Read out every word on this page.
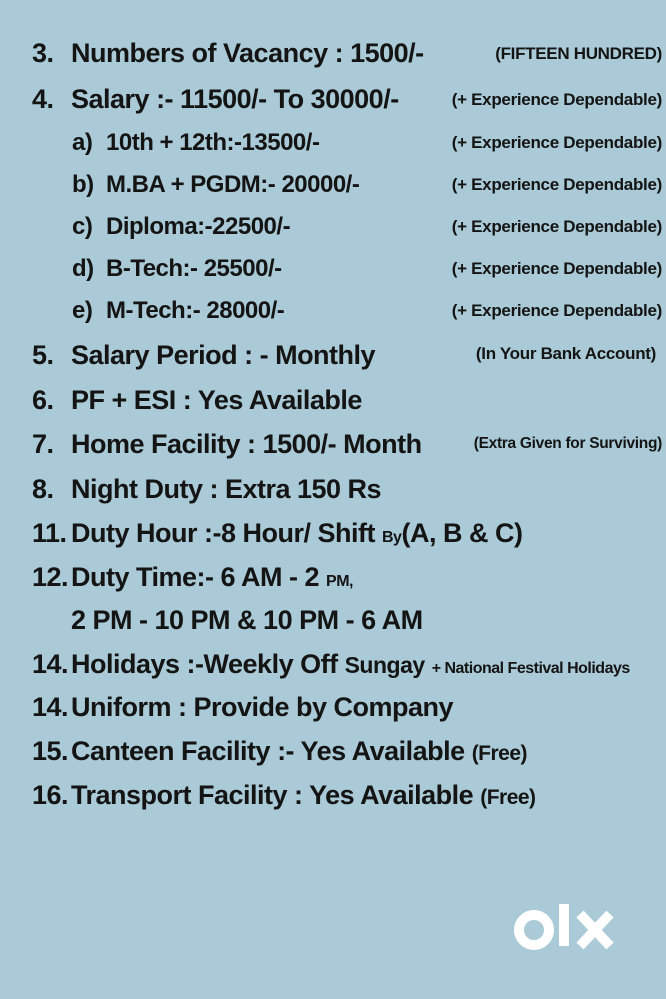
3. Numbers of Vacancy : 1500/-	(FIFTEEN HUNDRED)
4. Salary :- 11500/- To 30000/-	(+ Experience Dependable)
a) 10th + 12th:-13500/-	(+ Experience Dependable)
b) M.BA + PGDM:- 20000/-	(+ Experience Dependable)
c) Diploma:-22500/-	(+ Experience Dependable)
d) B-Tech:- 25500/-	(+ Experience Dependable)
e) M-Tech:- 28000/-	(+ Experience Dependable)
5. Salary Period : - Monthly	(In Your Bank Account)
6. PF + ESI : Yes Available
7. Home Facility : 1500/- Month	(Extra Given for Surviving)
8. Night Duty : Extra 150 Rs
11. Duty Hour :-8 Hour/ Shift By(A, B & C)
12. Duty Time:- 6 AM - 2 PM,
2 PM - 10 PM & 10 PM - 6 AM
14. Holidays :-Weekly Off Sungay + National Festival Holidays
14. Uniform : Provide by Company
15. Canteen Facility :- Yes Available (Free)
16. Transport Facility : Yes Available (Free)
